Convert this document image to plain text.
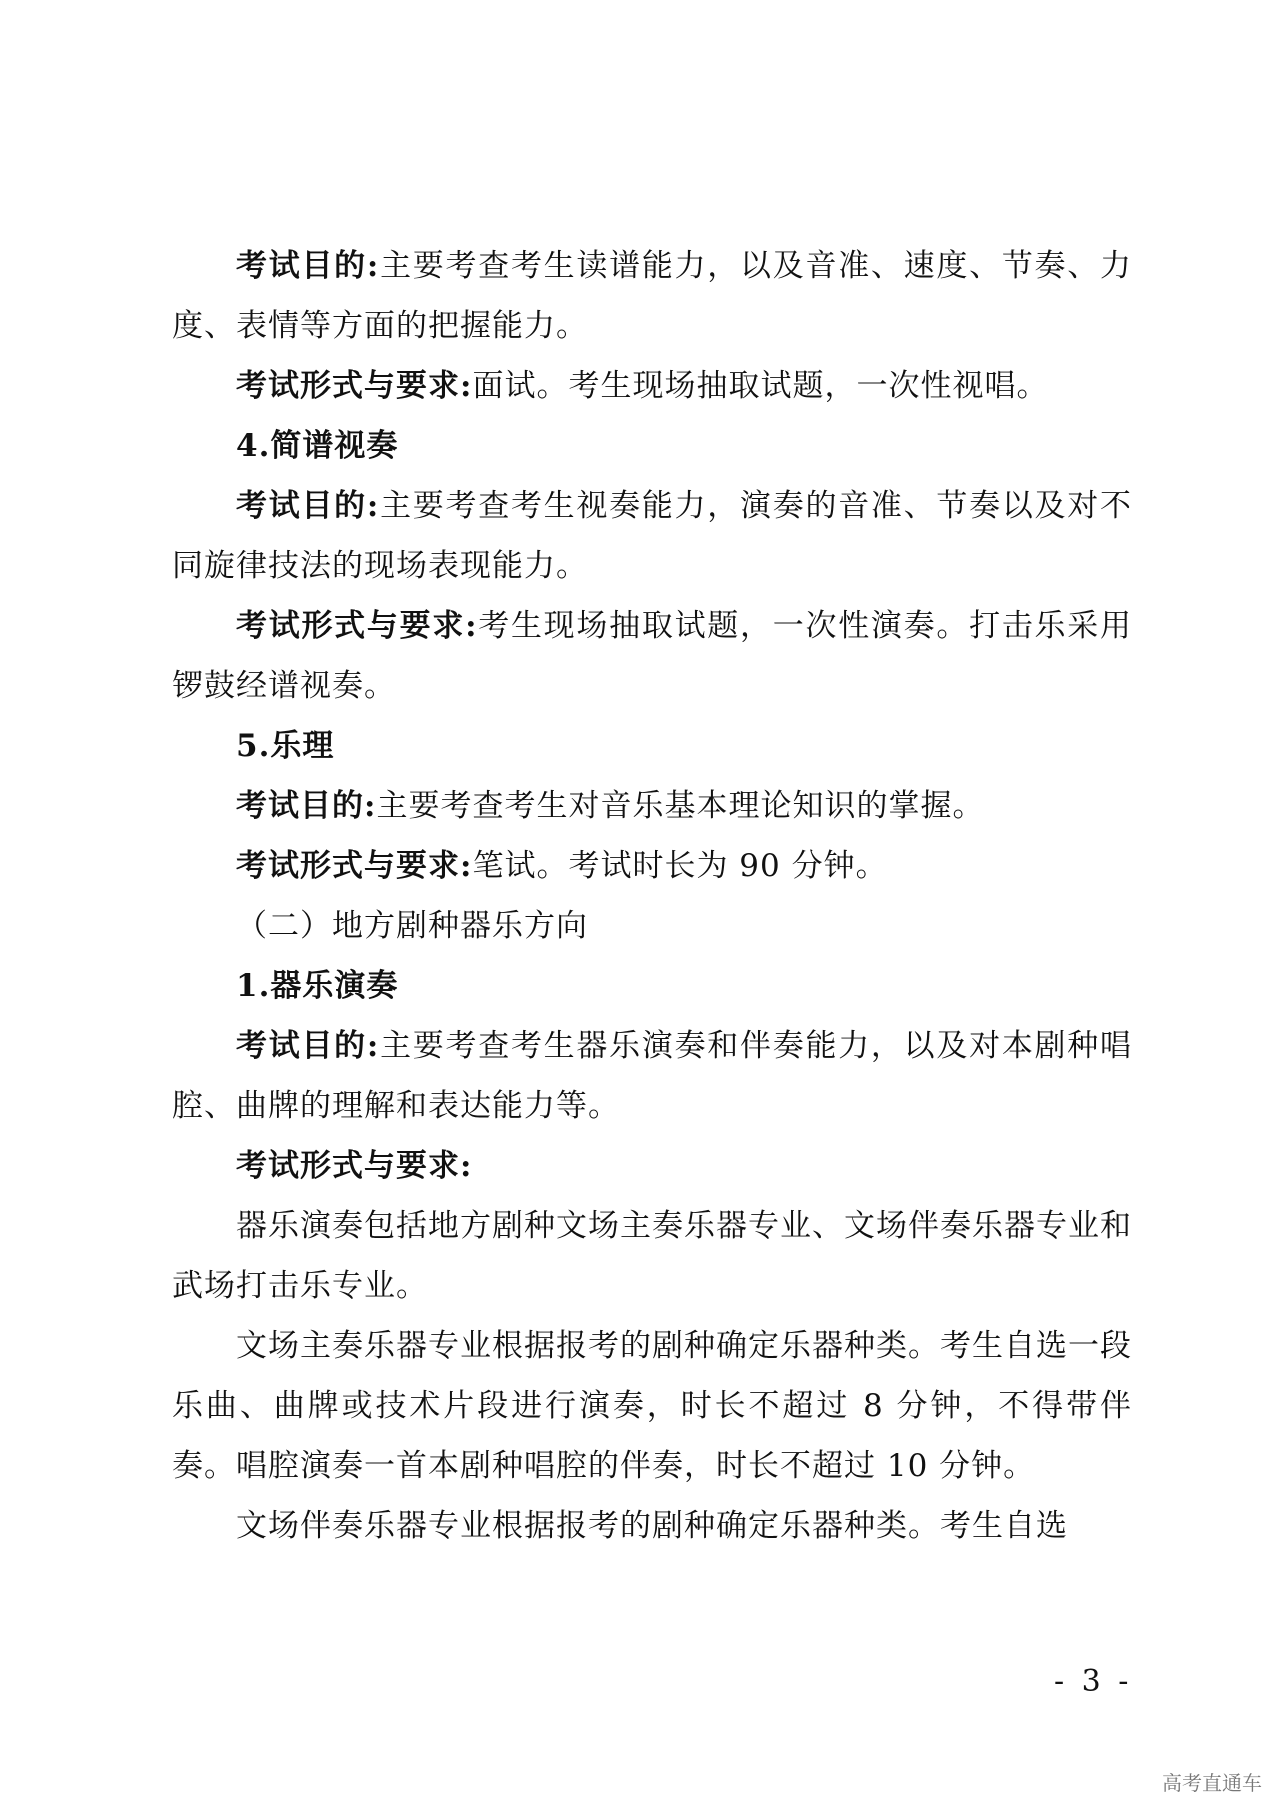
考试目的:主要考查考生读谱能力，以及音准、速度、节奏、力度、表情等方面的把握能力。

考试形式与要求:面试。考生现场抽取试题，一次性视唱。

4.简谱视奏

考试目的:主要考查考生视奏能力，演奏的音准、节奏以及对不同旋律技法的现场表现能力。

考试形式与要求:考生现场抽取试题，一次性演奏。打击乐采用锣鼓经谱视奏。

5.乐理

考试目的:主要考查考生对音乐基本理论知识的掌握。

考试形式与要求:笔试。考试时长为 90 分钟。

（二）地方剧种器乐方向

1.器乐演奏

考试目的:主要考查考生器乐演奏和伴奏能力，以及对本剧种唱腔、曲牌的理解和表达能力等。

考试形式与要求:

器乐演奏包括地方剧种文场主奏乐器专业、文场伴奏乐器专业和武场打击乐专业。

文场主奏乐器专业根据报考的剧种确定乐器种类。考生自选一段乐曲、曲牌或技术片段进行演奏，时长不超过 8 分钟，不得带伴奏。唱腔演奏一首本剧种唱腔的伴奏，时长不超过 10 分钟。

文场伴奏乐器专业根据报考的剧种确定乐器种类。考生自选

- 3 -
高考直通车
